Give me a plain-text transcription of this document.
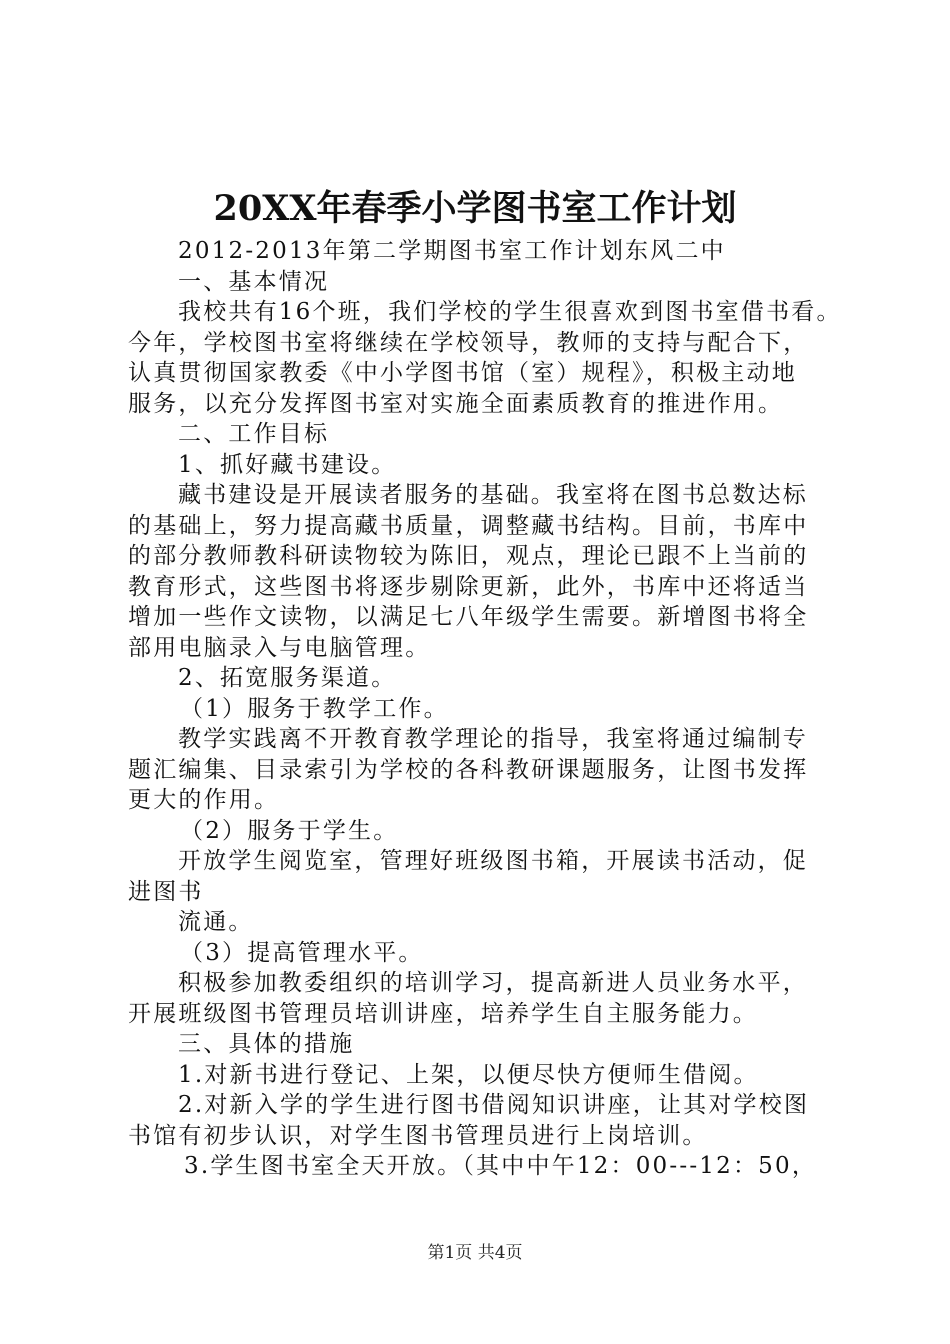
20XX年春季小学图书室工作计划

2012-2013年第二学期图书室工作计划东风二中

一、基本情况

我校共有16个班，我们学校的学生很喜欢到图书室借书看。

今年，学校图书室将继续在学校领导，教师的支持与配合下，

认真贯彻国家教委《中小学图书馆（室）规程》，积极主动地

服务，以充分发挥图书室对实施全面素质教育的推进作用。

二、工作目标

1、抓好藏书建设。

藏书建设是开展读者服务的基础。我室将在图书总数达标

的基础上，努力提高藏书质量，调整藏书结构。目前，书库中

的部分教师教科研读物较为陈旧，观点，理论已跟不上当前的

教育形式，这些图书将逐步剔除更新，此外，书库中还将适当

增加一些作文读物，以满足七八年级学生需要。新增图书将全

部用电脑录入与电脑管理。

2、拓宽服务渠道。

（1）服务于教学工作。

教学实践离不开教育教学理论的指导，我室将通过编制专

题汇编集、目录索引为学校的各科教研课题服务，让图书发挥

更大的作用。

（2）服务于学生。

开放学生阅览室，管理好班级图书箱，开展读书活动，促

进图书

流通。

（3）提高管理水平。

积极参加教委组织的培训学习，提高新进人员业务水平，

开展班级图书管理员培训讲座，培养学生自主服务能力。

三、具体的措施

1.对新书进行登记、上架，以便尽快方便师生借阅。

2.对新入学的学生进行图书借阅知识讲座，让其对学校图

书馆有初步认识，对学生图书管理员进行上岗培训。

3.学生图书室全天开放。（其中中午12：00---12：50，

第1页 共4页
